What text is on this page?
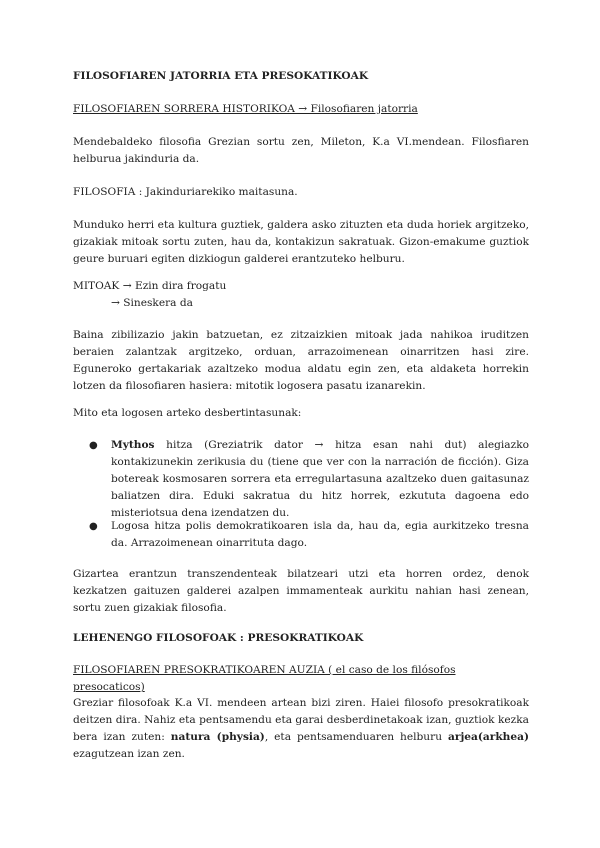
FILOSOFIAREN JATORRIA ETA PRESOKATIKOAK

FILOSOFIAREN SORRERA HISTORIKOA → Filosofiaren jatorria

Mendebaldeko filosofia Grezian sortu zen, Mileton, K.a VI.mendean. Filosfiaren helburua jakinduria da.

FILOSOFIA : Jakinduriarekiko maitasuna.

Munduko herri eta kultura guztiek, galdera asko zituzten eta duda horiek argitzeko, gizakiak mitoak sortu zuten, hau da, kontakizun sakratuak. Gizon-emakume guztiok geure buruari egiten dizkiogun galderei erantzuteko helburu.

MITOAK → Ezin dira frogatu
→ Sineskera da

Baina zibilizazio jakin batzuetan, ez zitzaizkien mitoak jada nahikoa iruditzen beraien zalantzak argitzeko, orduan, arrazoimenean oinarritzen hasi zire. Eguneroko gertakariak azaltzeko modua aldatu egin zen, eta aldaketa horrekin lotzen da filosofiaren hasiera: mitotik logosera pasatu izanarekin.

Mito eta logosen arteko desbertintasunak:

● Mythos hitza (Greziatrik dator → hitza esan nahi dut) alegiazko kontakizunekin zerikusia du (tiene que ver con la narración de ficción). Giza botereak kosmosaren sorrera eta erregulartasuna azaltzeko duen gaitasunaz baliatzen dira. Eduki sakratua du hitz horrek, ezkututa dagoena edo misteriotsua dena izendatzen du.
● Logosa hitza polis demokratikoaren isla da, hau da, egia aurkitzeko tresna da. Arrazoimenean oinarrituta dago.

Gizartea erantzun transzendenteak bilatzeari utzi eta horren ordez, denok kezkatzen gaituzen galderei azalpen immamenteak aurkitu nahian hasi zenean, sortu zuen gizakiak filosofia.

LEHENENGO FILOSOFOAK : PRESOKRATIKOAK

FILOSOFIAREN PRESOKRATIKOAREN AUZIA ( el caso de los filósofos presocaticos)

Greziar filosofoak K.a VI. mendeen artean bizi ziren. Haiei filosofo presokratikoak deitzen dira. Nahiz eta pentsamendu eta garai desberdinetakoak izan, guztiok kezka bera izan zuten: natura (physia), eta pentsamenduaren helburu arjea(arkhea) ezagutzean izan zen.
